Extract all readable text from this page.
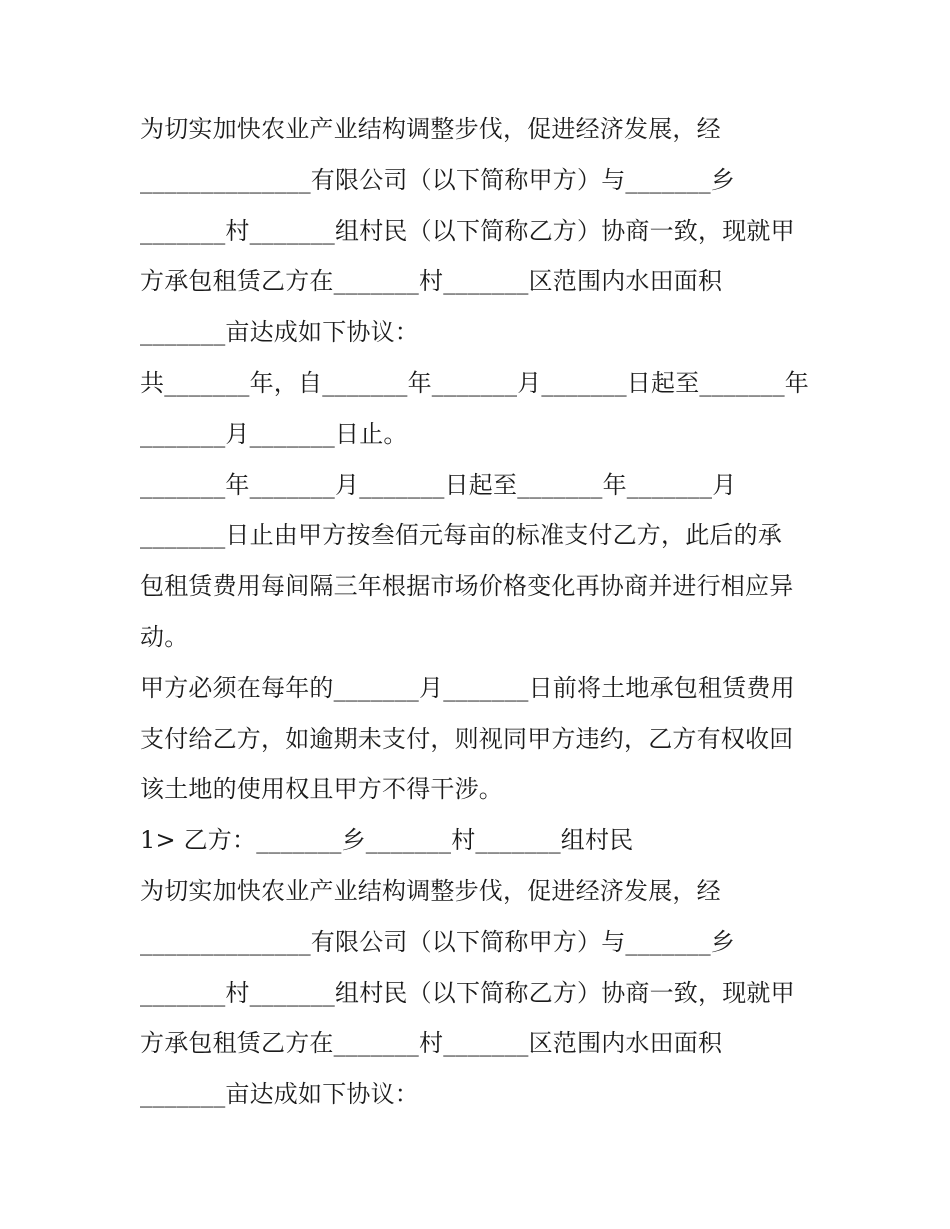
为切实加快农业产业结构调整步伐，促进经济发展，经
______________有限公司（以下简称甲方）与_______乡
_______村_______组村民（以下简称乙方）协商一致，现就甲
方承包租赁乙方在_______村_______区范围内水田面积
_______亩达成如下协议：
共_______年，自_______年_______月_______日起至_______年
_______月_______日止。
_______年_______月_______日起至_______年_______月
_______日止由甲方按叁佰元每亩的标准支付乙方，此后的承
包租赁费用每间隔三年根据市场价格变化再协商并进行相应异
动。
甲方必须在每年的_______月_______日前将土地承包租赁费用
支付给乙方，如逾期未支付，则视同甲方违约，乙方有权收回
该土地的使用权且甲方不得干涉。
1> 乙方：_______乡_______村_______组村民
为切实加快农业产业结构调整步伐，促进经济发展，经
______________有限公司（以下简称甲方）与_______乡
_______村_______组村民（以下简称乙方）协商一致，现就甲
方承包租赁乙方在_______村_______区范围内水田面积
_______亩达成如下协议：
